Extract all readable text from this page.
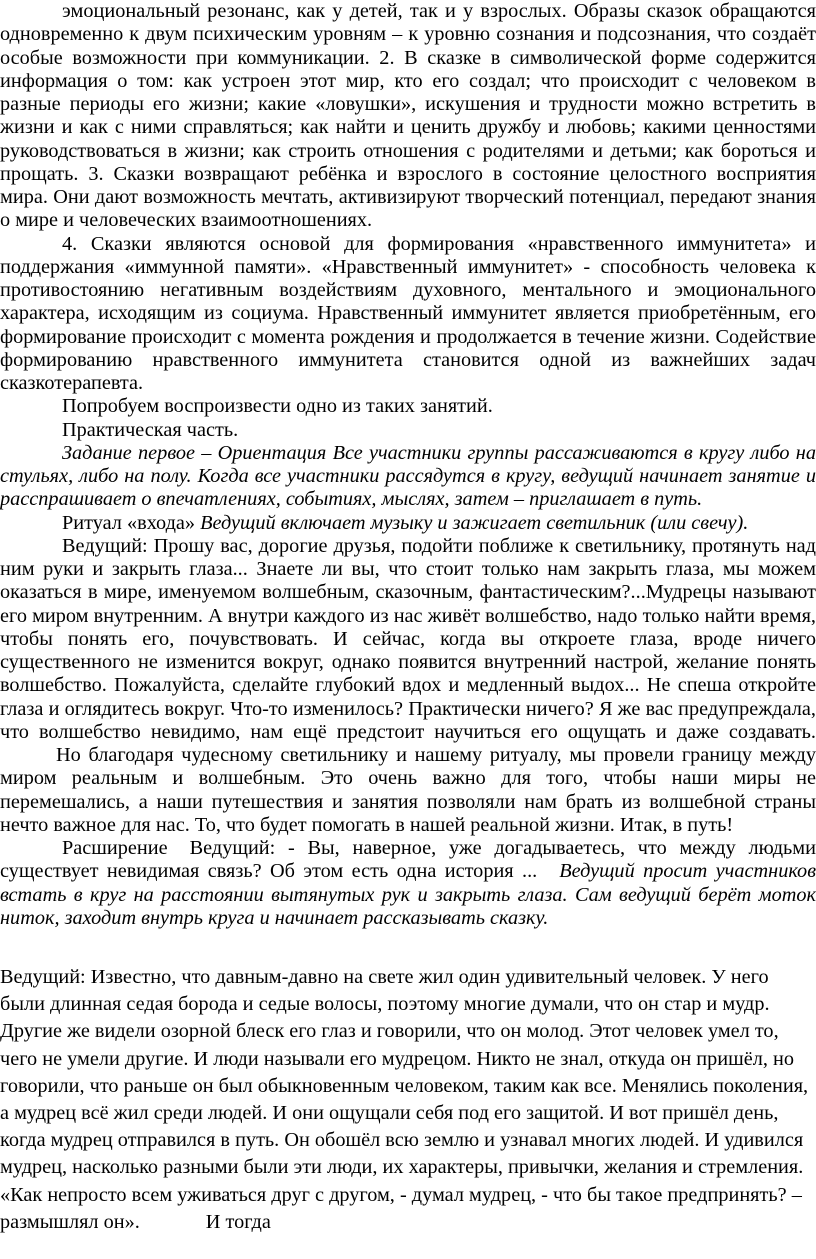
эмоциональный резонанс, как у детей, так и у взрослых. Образы сказок обращаются одновременно к двум психическим уровням – к уровню сознания и подсознания, что создаёт особые возможности при коммуникации. 2. В сказке в символической форме содержится информация о том: как устроен этот мир, кто его создал; что происходит с человеком в разные периоды его жизни; какие «ловушки», искушения и трудности можно встретить в жизни и как с ними справляться; как найти и ценить дружбу и любовь; какими ценностями руководствоваться в жизни; как строить отношения с родителями и детьми; как бороться и прощать. 3. Сказки возвращают ребёнка и взрослого в состояние целостного восприятия мира. Они дают возможность мечтать, активизируют творческий потенциал, передают знания о мире и человеческих взаимоотношениях.

4. Сказки являются основой для формирования «нравственного иммунитета» и поддержания «иммунной памяти». «Нравственный иммунитет» - способность человека к противостоянию негативным воздействиям духовного, ментального и эмоционального характера, исходящим из социума. Нравственный иммунитет является приобретённым, его формирование происходит с момента рождения и продолжается в течение жизни. Содействие формированию нравственного иммунитета становится одной из важнейших задач сказкотерапевта.

Попробуем воспроизвести одно из таких занятий.

Практическая часть.

Задание первое – Ориентация Все участники группы рассаживаются в кругу либо на стульях, либо на полу. Когда все участники рассядутся в кругу, ведущий начинает занятие и расспрашивает о впечатлениях, событиях, мыслях, затем – приглашает в путь.

Ритуал «входа» Ведущий включает музыку и зажигает светильник (или свечу).

Ведущий: Прошу вас, дорогие друзья, подойти поближе к светильнику, протянуть над ним руки и закрыть глаза... Знаете ли вы, что стоит только нам закрыть глаза, мы можем оказаться в мире, именуемом волшебным, сказочным, фантастическим?...Мудрецы называют его миром внутренним. А внутри каждого из нас живёт волшебство, надо только найти время, чтобы понять его, почувствовать. И сейчас, когда вы откроете глаза, вроде ничего существенного не изменится вокруг, однако появится внутренний настрой, желание понять волшебство. Пожалуйста, сделайте глубокий вдох и медленный выдох... Не спеша откройте глаза и оглядитесь вокруг. Что-то изменилось? Практически ничего? Я же вас предупреждала, что волшебство невидимо, нам ещё предстоит научиться его ощущать и даже создавать.Но благодаря чудесному светильнику и нашему ритуалу, мы провели границу между миром реальным и волшебным. Это очень важно для того, чтобы наши миры не перемешались, а наши путешествия и занятия позволяли нам брать из волшебной страны нечто важное для нас. То, что будет помогать в нашей реальной жизни. Итак, в путь!

Расширение Ведущий: - Вы, наверное, уже догадываетесь, что между людьми существует невидимая связь? Об этом есть одна история ... Ведущий просит участников встать в круг на расстоянии вытянутых рук и закрыть глаза. Сам ведущий берёт моток ниток, заходит внутрь круга и начинает рассказывать сказку.

Ведущий: Известно, что давным-давно на свете жил один удивительный человек. У него были длинная седая борода и седые волосы, поэтому многие думали, что он стар и мудр. Другие же видели озорной блеск его глаз и говорили, что он молод. Этот человек умел то, чего не умели другие. И люди называли его мудрецом. Никто не знал, откуда он пришёл, но говорили, что раньше он был обыкновенным человеком, таким как все. Менялись поколения, а мудрец всё жил среди людей. И они ощущали себя под его защитой. И вот пришёл день, когда мудрец отправился в путь. Он обошёл всю землю и узнавал многих людей. И удивился мудрец, насколько разными были эти люди, их характеры, привычки, желания и стремления. «Как непросто всем уживаться друг с другом, - думал мудрец, - что бы такое предпринять? – размышлял он».	И тогда
